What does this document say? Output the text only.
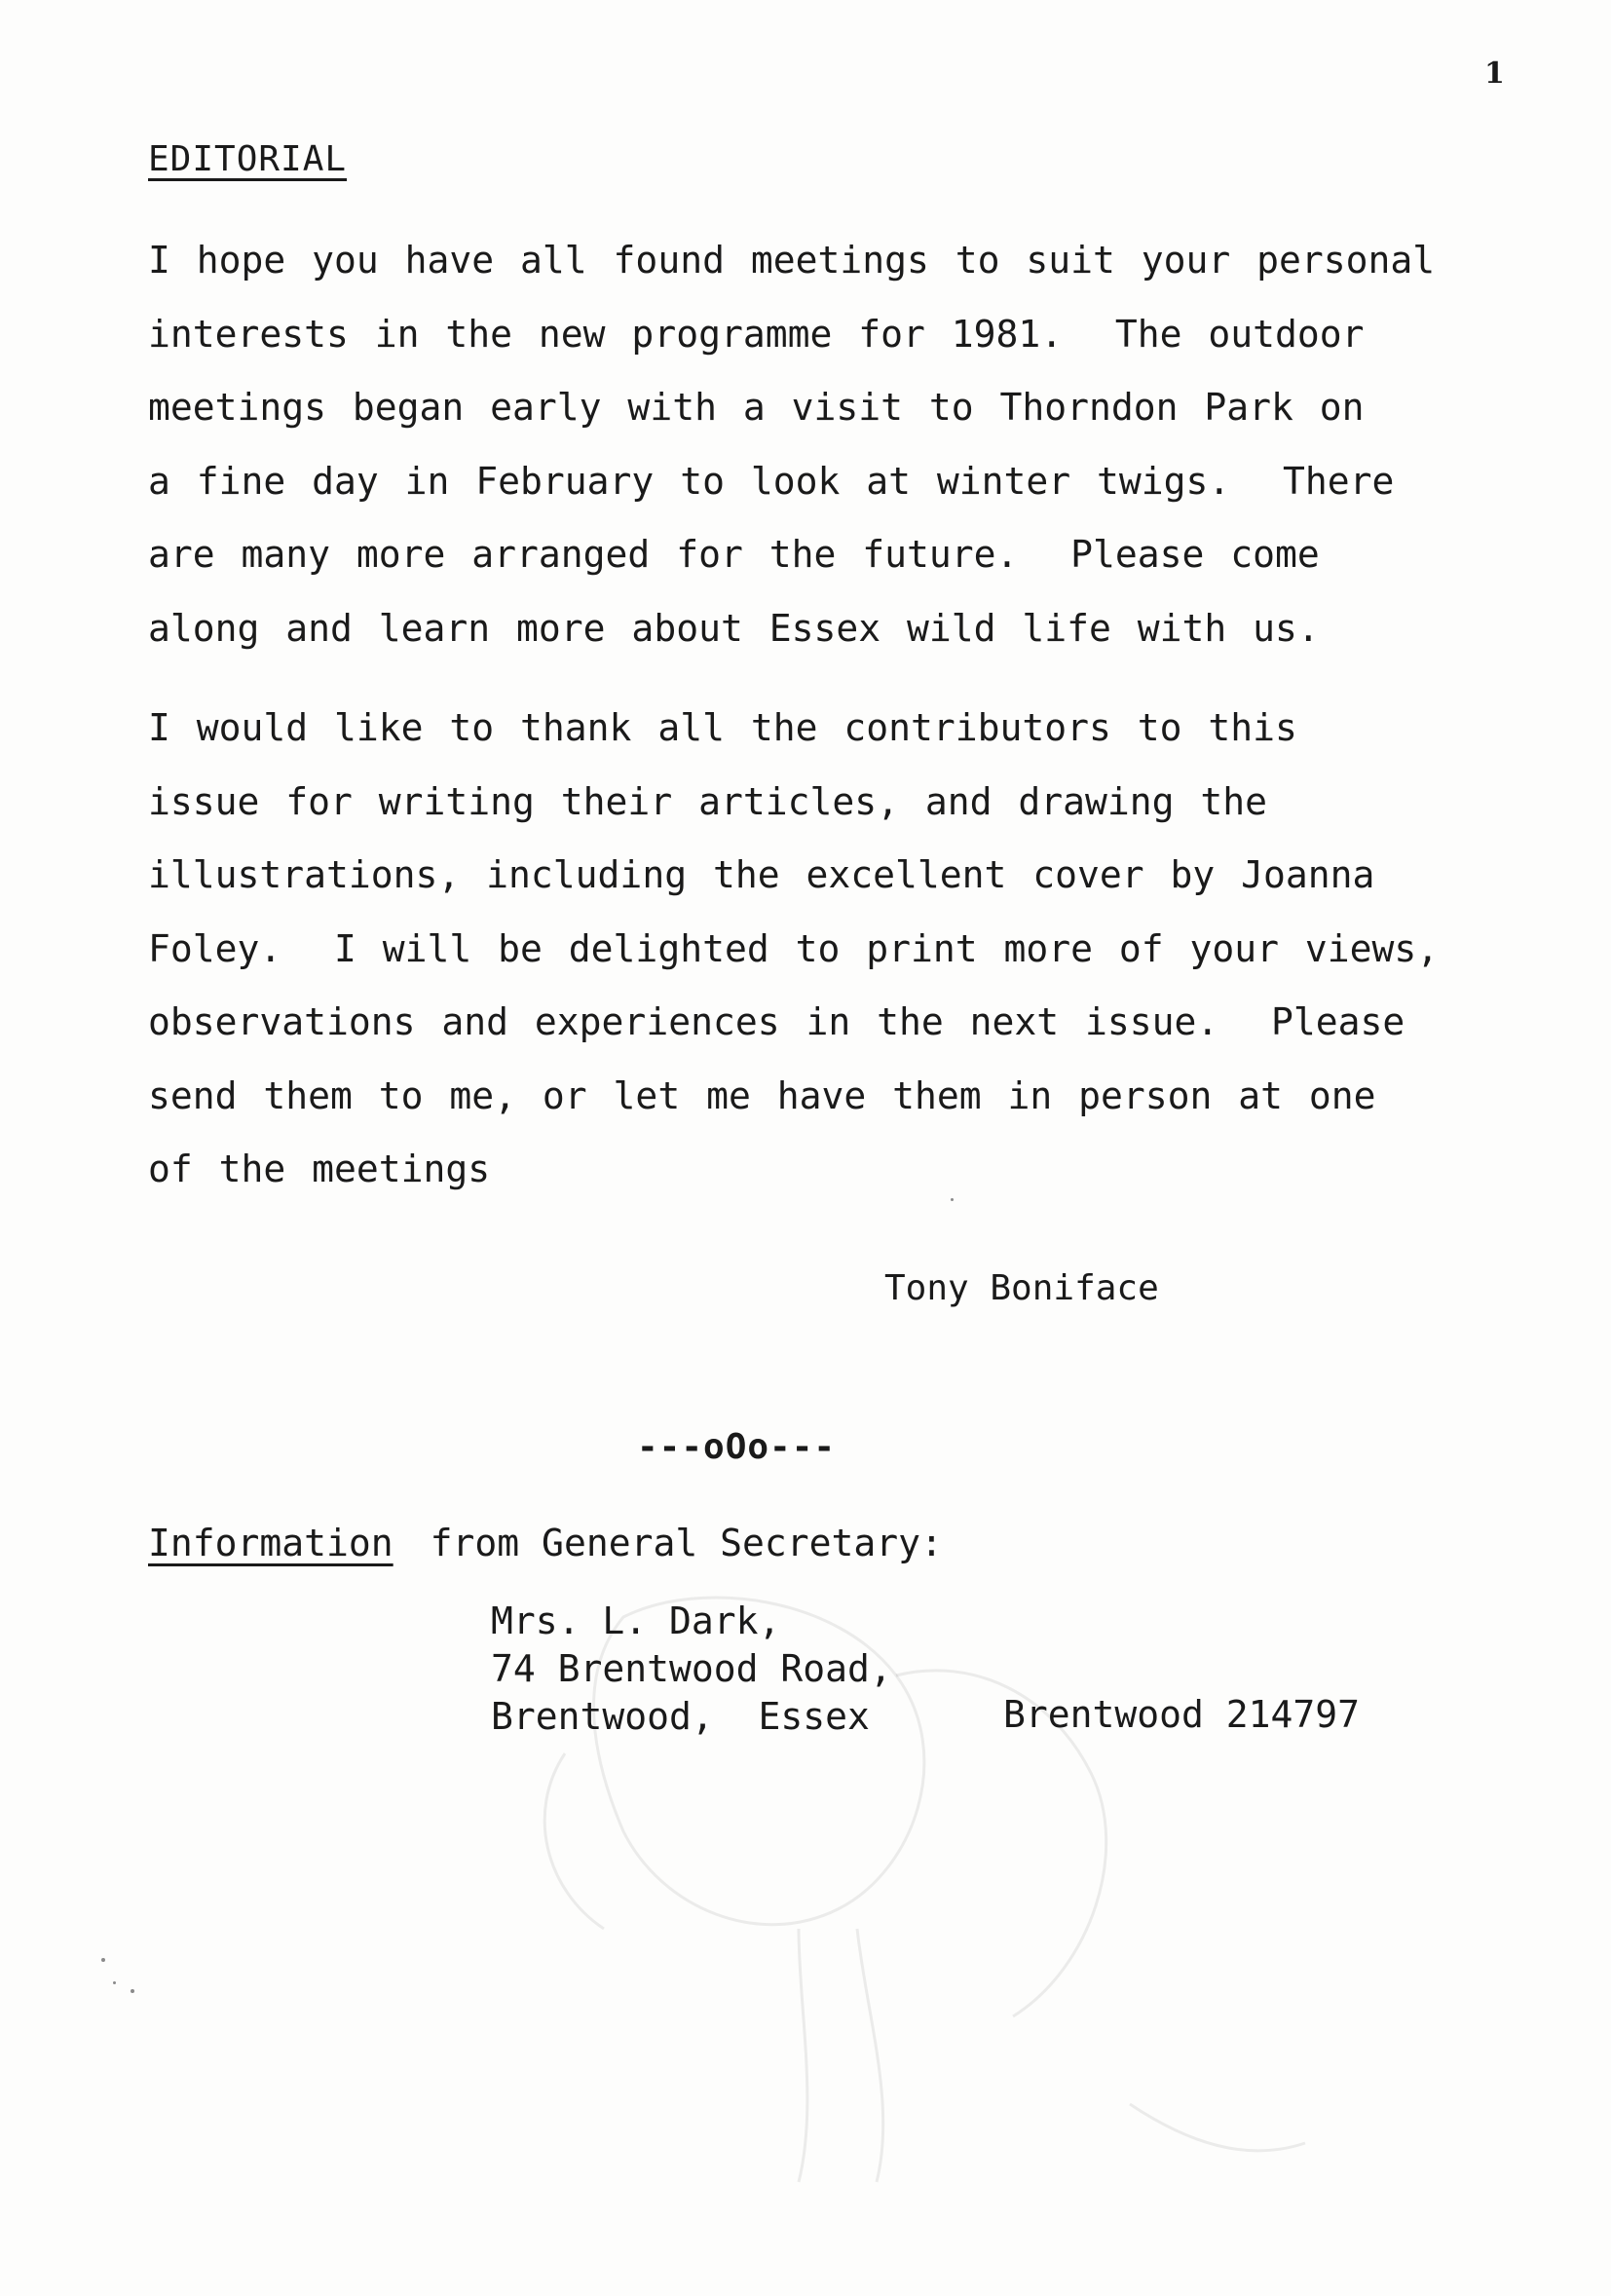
1
EDITORIAL
I hope you have all found meetings to suit your personal
interests in the new programme for 1981.  The outdoor
meetings began early with a visit to Thorndon Park on
a fine day in February to look at winter twigs.  There
are many more arranged for the future.  Please come
along and learn more about Essex wild life with us.
I would like to thank all the contributors to this
issue for writing their articles, and drawing the
illustrations, including the excellent cover by Joanna
Foley.  I will be delighted to print more of your views,
observations and experiences in the next issue.  Please
send them to me, or let me have them in person at one
of the meetings
Tony Boniface
---oOo---
Information from General Secretary:
Mrs. L. Dark,
74 Brentwood Road,
Brentwood,  Essex	Brentwood 214797
